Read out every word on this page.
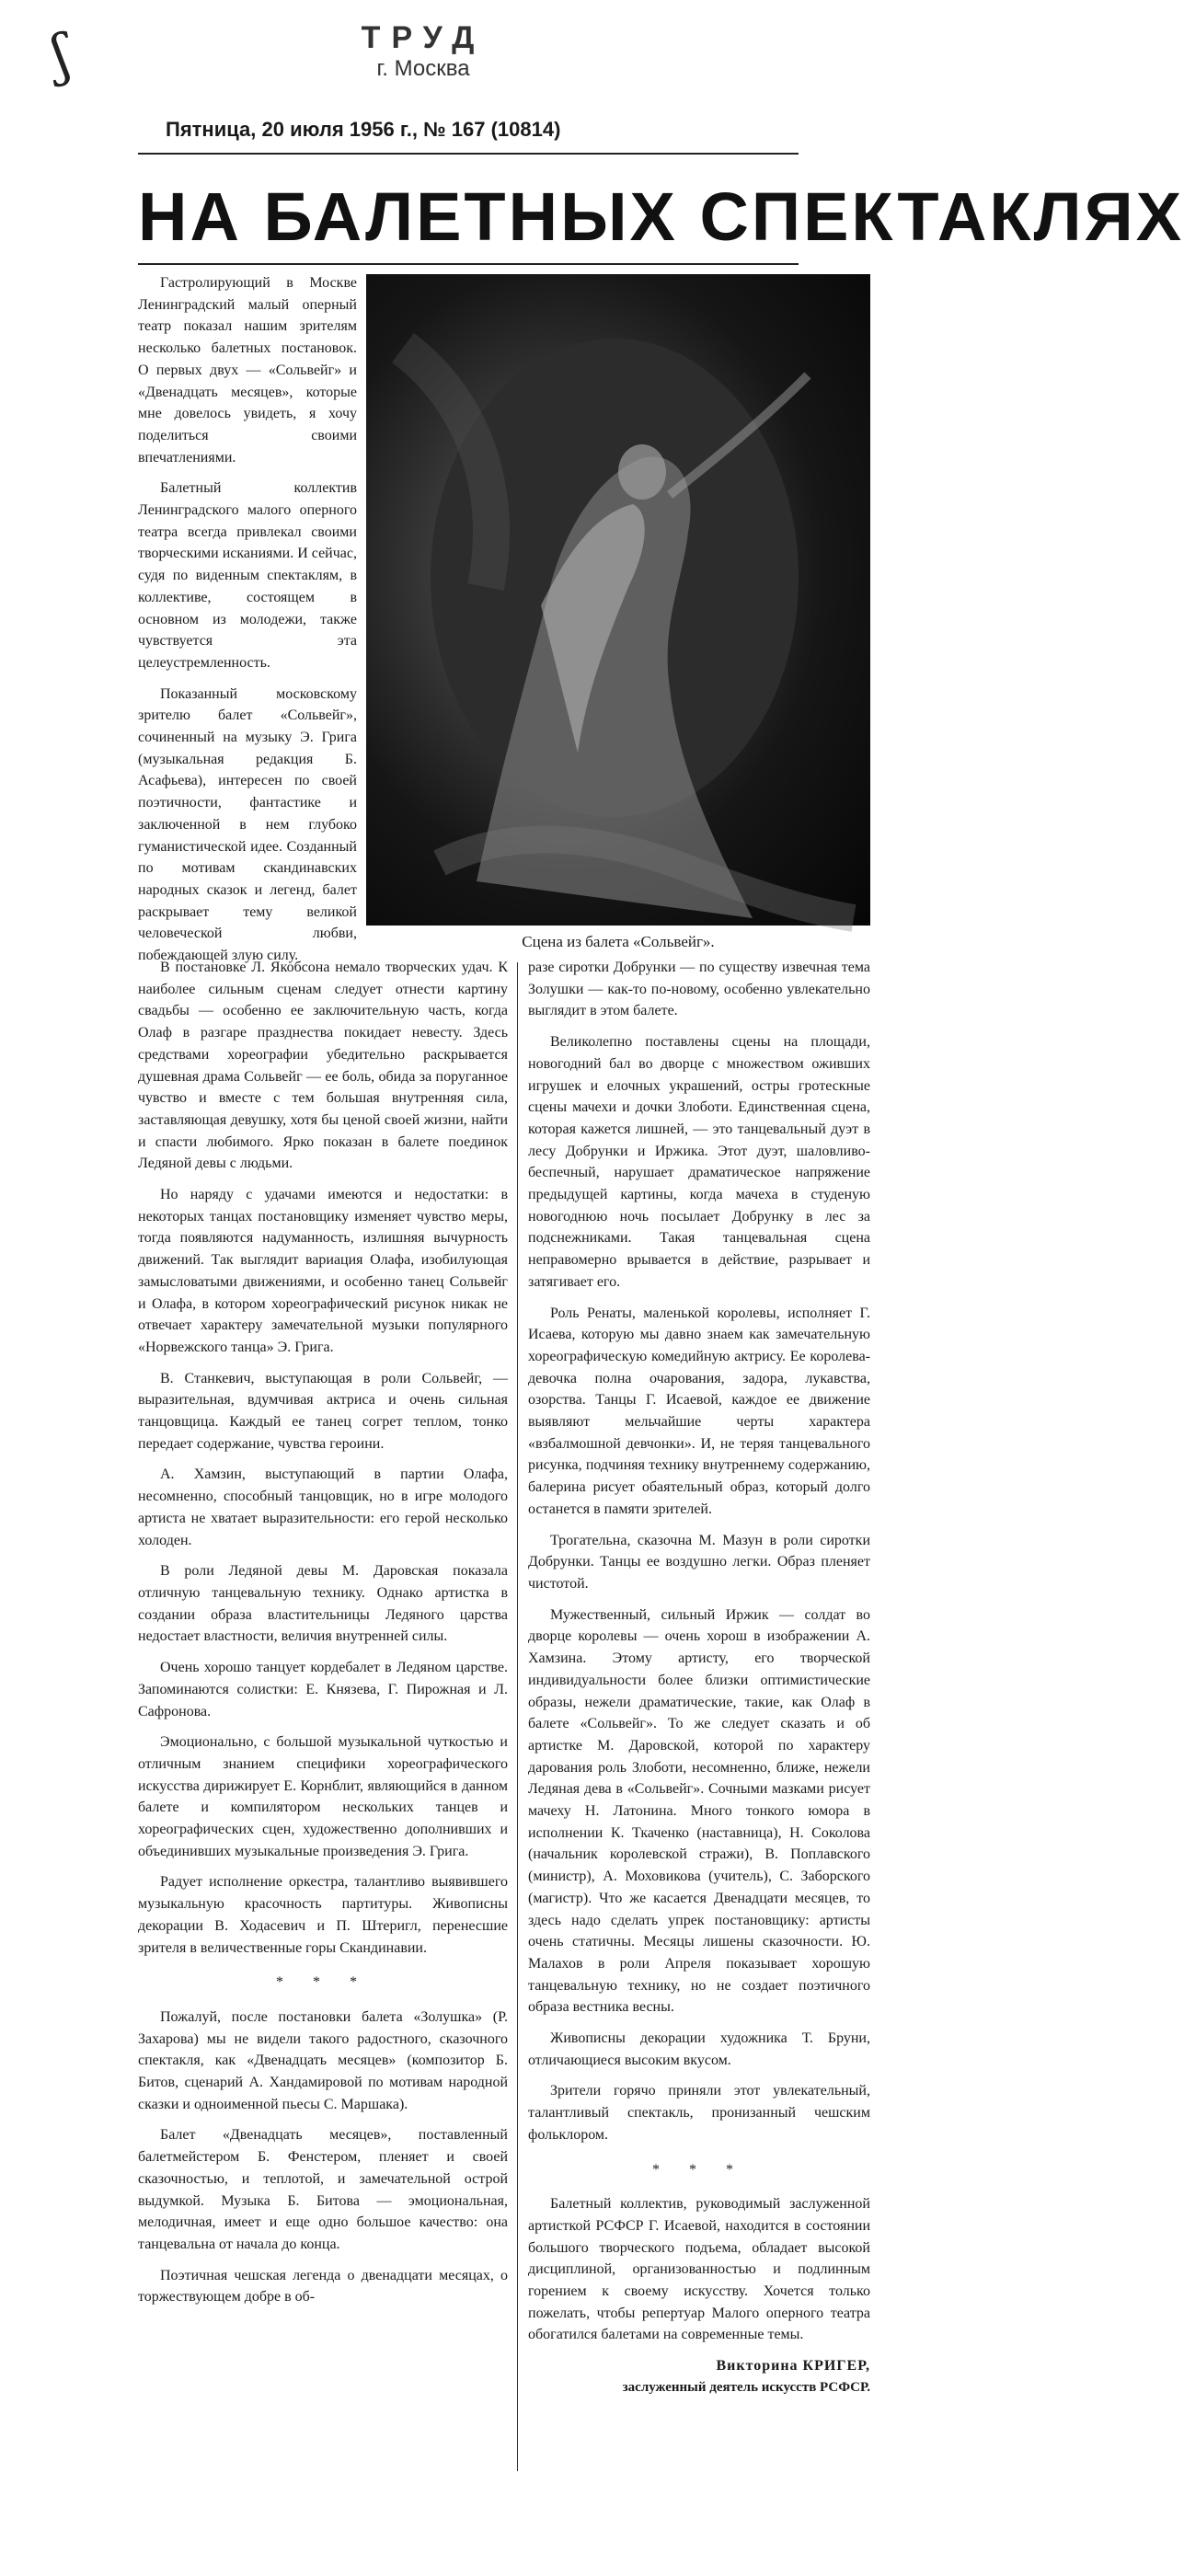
ʃ	ТРУД
г. Москва
Пятница, 20 июля 1956 г., № 167 (10814)
НА БАЛЕТНЫХ СПЕКТАКЛЯХ

Гастролирующий в Москве Ленинградский малый оперный театр показал нашим зрителям несколько балетных постановок. О первых двух — «Сольвейг» и «Двенадцать месяцев», которые мне довелось увидеть, я хочу поделиться своими впечатлениями.

Балетный коллектив Ленинградского малого оперного театра всегда привлекал своими творческими исканиями. И сейчас, судя по виденным спектаклям, в коллективе, состоящем в основном из молодежи, также чувствуется эта целеустремленность.

Показанный московскому зрителю балет «Сольвейг», сочиненный на музыку Э. Грига (музыкальная редакция Б. Асафьева), интересен по своей поэтичности, фантастике и заключенной в нем глубоко гуманистической идее. Созданный по мотивам скандинавских народных сказок и легенд, балет раскрывает тему великой человеческой любви, побеждающей злую силу.

Сцена из балета «Сольвейг».

В постановке Л. Якобсона немало творческих удач. К наиболее сильным сценам следует отнести картину свадьбы — особенно ее заключительную часть, когда Олаф в разгаре празднества покидает невесту. Здесь средствами хореографии убедительно раскрывается душевная драма Сольвейг — ее боль, обида за поруганное чувство и вместе с тем большая внутренняя сила, заставляющая девушку, хотя бы ценой своей жизни, найти и спасти любимого. Ярко показан в балете поединок Ледяной девы с людьми.

Но наряду с удачами имеются и недостатки: в некоторых танцах постановщику изменяет чувство меры, тогда появляются надуманность, излишняя вычурность движений. Так выглядит вариация Олафа, изобилующая замысловатыми движениями, и особенно танец Сольвейг и Олафа, в котором хореографический рисунок никак не отвечает характеру замечательной музыки популярного «Норвежского танца» Э. Грига.

В. Станкевич, выступающая в роли Сольвейг, — выразительная, вдумчивая актриса и очень сильная танцовщица. Каждый ее танец согрет теплом, тонко передает содержание, чувства героини.

А. Хамзин, выступающий в партии Олафа, несомненно, способный танцовщик, но в игре молодого артиста не хватает выразительности: его герой несколько холоден.

В роли Ледяной девы М. Даровская показала отличную танцевальную технику. Однако артистка в создании образа властительницы Ледяного царства недостает властности, величия внутренней силы.

Очень хорошо танцует кордебалет в Ледяном царстве. Запоминаются солистки: Е. Князева, Г. Пирожная и Л. Сафронова.

Эмоционально, с большой музыкальной чуткостью и отличным знанием специфики хореографического искусства дирижирует Е. Корнблит, являющийся в данном балете и компилятором нескольких танцев и хореографических сцен, художественно дополнивших и объединивших музыкальные произведения Э. Грига.

Радует исполнение оркестра, талантливо выявившего музыкальную красочность партитуры. Живописны декорации В. Ходасевич и П. Штеригл, перенесшие зрителя в величественные горы Скандинавии.

* * *

Пожалуй, после постановки балета «Золушка» (Р. Захарова) мы не видели такого радостного, сказочного спектакля, как «Двенадцать месяцев» (композитор Б. Битов, сценарий А. Хандамировой по мотивам народной сказки и одноименной пьесы С. Маршака).

Балет «Двенадцать месяцев», поставленный балетмейстером Б. Фенстером, пленяет и своей сказочностью, и теплотой, и замечательной острой выдумкой. Музыка Б. Битова — эмоциональная, мелодичная, имеет и еще одно большое качество: она танцевальна от начала до конца.

Поэтичная чешская легенда о двенадцати месяцах, о торжествующем добре в об-

разе сиротки Добрунки — по существу извечная тема Золушки — как-то по-новому, особенно увлекательно выглядит в этом балете.

Великолепно поставлены сцены на площади, новогодний бал во дворце с множеством оживших игрушек и елочных украшений, остры гротескные сцены мачехи и дочки Злоботи. Единственная сцена, которая кажется лишней, — это танцевальный дуэт в лесу Добрунки и Иржика. Этот дуэт, шаловливо-беспечный, нарушает драматическое напряжение предыдущей картины, когда мачеха в студеную новогоднюю ночь посылает Добрунку в лес за подснежниками. Такая танцевальная сцена неправомерно врывается в действие, разрывает и затягивает его.

Роль Ренаты, маленькой королевы, исполняет Г. Исаева, которую мы давно знаем как замечательную хореографическую комедийную актрису. Ее королева-девочка полна очарования, задора, лукавства, озорства. Танцы Г. Исаевой, каждое ее движение выявляют мельчайшие черты характера «взбалмошной девчонки». И, не теряя танцевального рисунка, подчиняя технику внутреннему содержанию, балерина рисует обаятельный образ, который долго останется в памяти зрителей.

Трогательна, сказочна М. Мазун в роли сиротки Добрунки. Танцы ее воздушно легки. Образ пленяет чистотой.

Мужественный, сильный Иржик — солдат во дворце королевы — очень хорош в изображении А. Хамзина. Этому артисту, его творческой индивидуальности более близки оптимистические образы, нежели драматические, такие, как Олаф в балете «Сольвейг». То же следует сказать и об артистке М. Даровской, которой по характеру дарования роль Злоботи, несомненно, ближе, нежели Ледяная дева в «Сольвейг». Сочными мазками рисует мачеху Н. Латонина. Много тонкого юмора в исполнении К. Ткаченко (наставница), Н. Соколова (начальник королевской стражи), В. Поплавского (министр), А. Моховикова (учитель), С. Заборского (магистр). Что же касается Двенадцати месяцев, то здесь надо сделать упрек постановщику: артисты очень статичны. Месяцы лишены сказочности. Ю. Малахов в роли Апреля показывает хорошую танцевальную технику, но не создает поэтичного образа вестника весны.

Живописны декорации художника Т. Бруни, отличающиеся высоким вкусом.

Зрители горячо приняли этот увлекательный, талантливый спектакль, пронизанный чешским фольклором.

* * *

Балетный коллектив, руководимый заслуженной артисткой РСФСР Г. Исаевой, находится в состоянии большого творческого подъема, обладает высокой дисциплиной, организованностью и подлинным горением к своему искусству. Хочется только пожелать, чтобы репертуар Малого оперного театра обогатился балетами на современные темы.

Викторина КРИГЕР,
заслуженный деятель искусств РСФСР.
